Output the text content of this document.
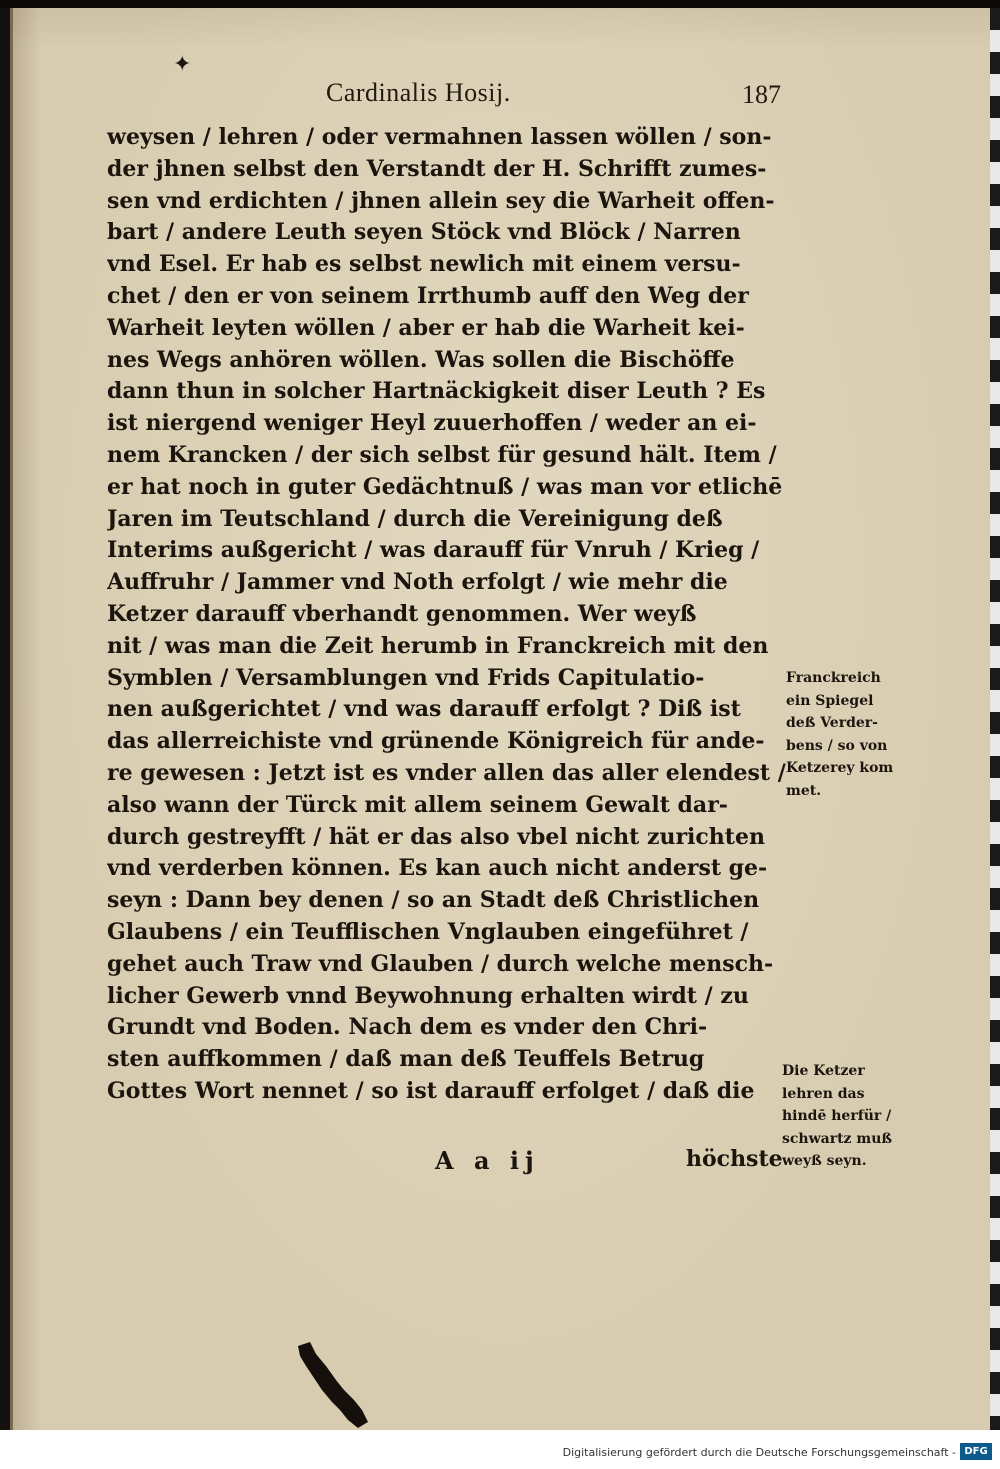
✦
Cardinalis Hosij.	187
weysen / lehren / oder vermahnen lassen wöllen / son-
der jhnen selbst den Verstandt der H. Schrifft zumes-
sen vnd erdichten / jhnen allein sey die Warheit offen-
bart / andere Leuth seyen Stöck vnd Blöck / Narren
vnd Esel. Er hab es selbst newlich mit einem versu-
chet / den er von seinem Irrthumb auff den Weg der
Warheit leyten wöllen / aber er hab die Warheit kei-
nes Wegs anhören wöllen. Was sollen die Bischöffe
dann thun in solcher Hartnäckigkeit diser Leuth ? Es
ist niergend weniger Heyl zuuerhoffen / weder an ei-
nem Krancken / der sich selbst für gesund hält. Item /
er hat noch in guter Gedächtnuß / was man vor etlichē
Jaren im Teutschland / durch die Vereinigung deß
Interims außgericht / was darauff für Vnruh / Krieg /
Auffruhr / Jammer vnd Noth erfolgt / wie mehr die
Ketzer darauff vberhandt genommen. Wer weyß
nit / was man die Zeit herumb in Franckreich mit den
Symblen / Versamblungen vnd Frids Capitulatio-
nen außgerichtet / vnd was darauff erfolgt ? Diß ist
das allerreichiste vnd grünende Königreich für ande-
re gewesen : Jetzt ist es vnder allen das aller elendest /
also wann der Türck mit allem seinem Gewalt dar-
durch gestreyfft / hät er das also vbel nicht zurichten
vnd verderben können. Es kan auch nicht anderst ge-
seyn : Dann bey denen / so an Stadt deß Christlichen
Glaubens / ein Teufflischen Vnglauben eingeführet /
gehet auch Traw vnd Glauben / durch welche mensch-
licher Gewerb vnnd Beywohnung erhalten wirdt / zu
Grundt vnd Boden. Nach dem es vnder den Chri-
sten auffkommen / daß man deß Teuffels Betrug
Gottes Wort nennet / so ist darauff erfolget / daß die
Franckreich
ein Spiegel
deß Verder-
bens / so von
Ketzerey kom
met.
Die Ketzer
lehren das
hindē herfür /
schwartz muß
weyß seyn.
A a ij	höchste
Digitalisierung gefördert durch die Deutsche Forschungsgemeinschaft - DFG
